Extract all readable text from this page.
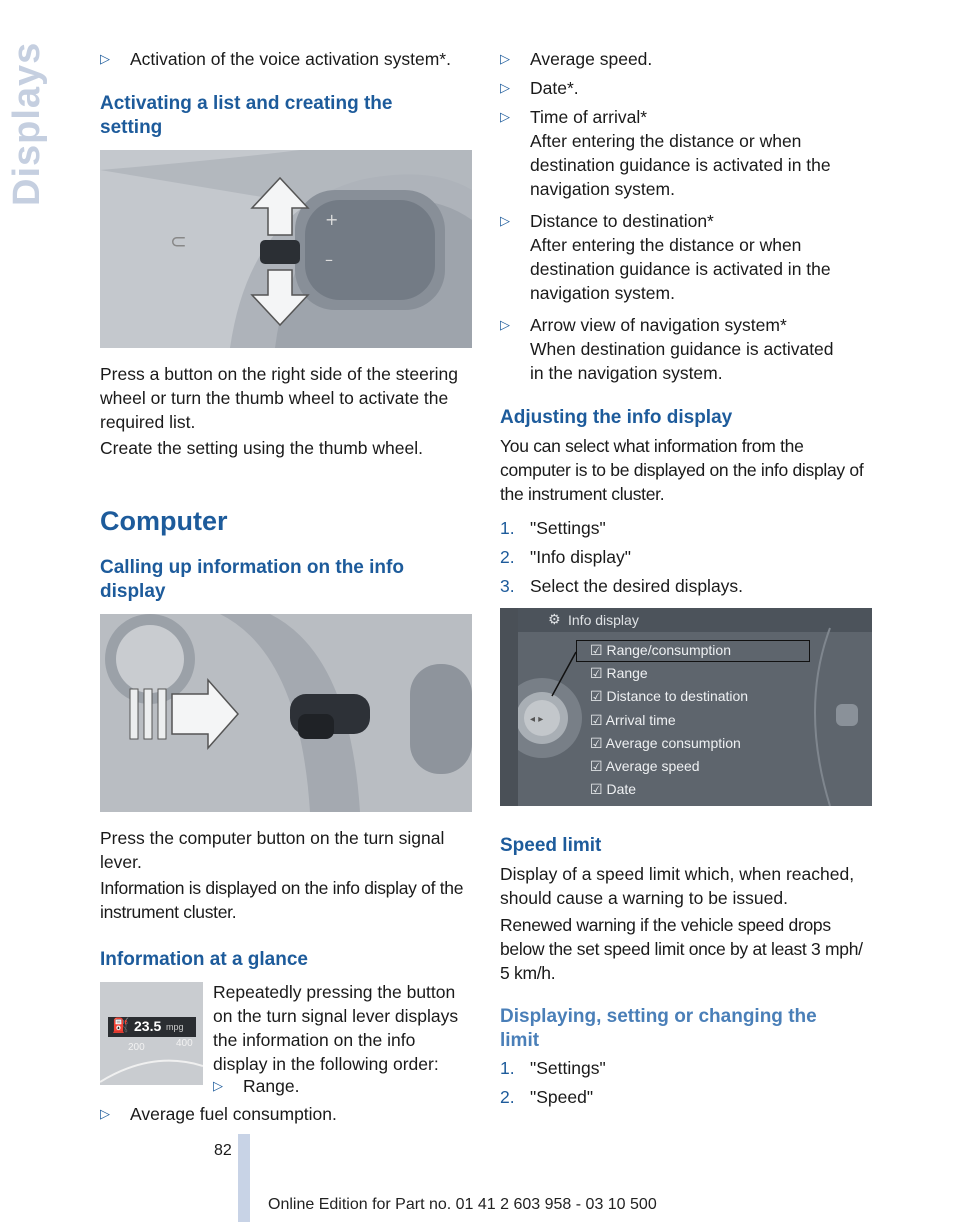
Displays	▷ Activation of the voice activation system*.
Activating a list and creating the setting
⊂
+
–

Press a button on the right side of the steering wheel or turn the thumb wheel to activate the required list.

Create the setting using the thumb wheel.

Computer
Calling up information on the info display

Press the computer button on the turn signal lever.

Information is displayed on the info display of the instrument cluster.

Information at a glance
⛽ 23.5 mpg
200	400

Repeatedly pressing the button on the turn signal lever displays the information on the info display in the following order:

▷ Range.
▷ Average fuel consumption.
▷ Average speed.
▷ Date*.
▷ Time of arrival*
After entering the distance or when destination guidance is activated in the navigation system.
▷ Distance to destination*
After entering the distance or when destination guidance is activated in the navigation system.
▷ Arrow view of navigation system*
When destination guidance is activated in the navigation system.
Adjusting the info display

You can select what information from the computer is to be displayed on the info display of the instrument cluster.

1. "Settings"
2. "Info display"
3. Select the desired displays.
⚙ Info display
◂ ▸
☑ Range/consumption
☑ Range
☑ Distance to destination
☑ Arrival time
☑ Average consumption
☑ Average speed
☑ Date
Speed limit

Display of a speed limit which, when reached, should cause a warning to be issued.

Renewed warning if the vehicle speed drops below the set speed limit once by at least 3 mph/ 5 km/h.

Displaying, setting or changing the limit
1. "Settings"
2. "Speed"
82
Online Edition for Part no. 01 41 2 603 958 - 03 10 500
